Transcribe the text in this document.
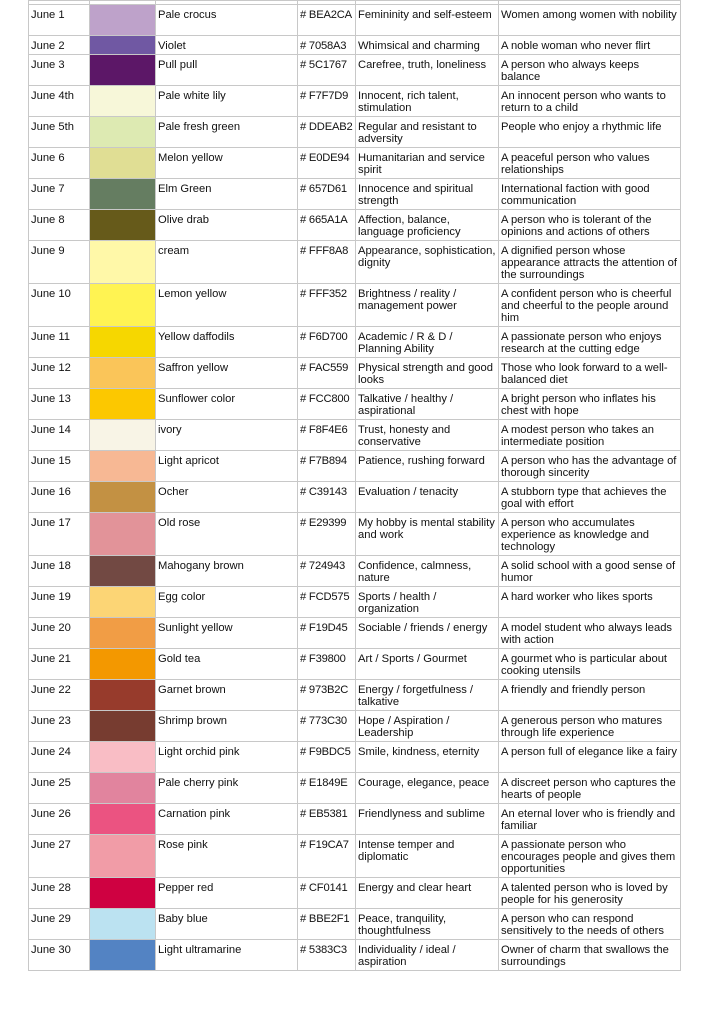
June 1		Pale crocus	# BEA2CA	Femininity and self-esteem	Women among women with nobility
June 2		Violet	# 7058A3	Whimsical and charming	A noble woman who never flirt
June 3		Pull pull	# 5C1767	Carefree, truth, loneliness	A person who always keeps balance
June 4th		Pale white lily	# F7F7D9	Innocent, rich talent, stimulation	An innocent person who wants to return to a child
June 5th		Pale fresh green	# DDEAB2	Regular and resistant to adversity	People who enjoy a rhythmic life
June 6		Melon yellow	# E0DE94	Humanitarian and service spirit	A peaceful person who values relationships
June 7		Elm Green	# 657D61	Innocence and spiritual strength	International faction with good communication
June 8		Olive drab	# 665A1A	Affection, balance, language proficiency	A person who is tolerant of the opinions and actions of others
June 9		cream	# FFF8A8	Appearance, sophistication, dignity	A dignified person whose appearance attracts the attention of the surroundings
June 10		Lemon yellow	# FFF352	Brightness / reality / management power	A confident person who is cheerful and cheerful to the people around him
June 11		Yellow daffodils	# F6D700	Academic / R & D / Planning Ability	A passionate person who enjoys research at the cutting edge
June 12		Saffron yellow	# FAC559	Physical strength and good looks	Those who look forward to a well-balanced diet
June 13		Sunflower color	# FCC800	Talkative / healthy / aspirational	A bright person who inflates his chest with hope
June 14		ivory	# F8F4E6	Trust, honesty and conservative	A modest person who takes an intermediate position
June 15		Light apricot	# F7B894	Patience, rushing forward	A person who has the advantage of thorough sincerity
June 16		Ocher	# C39143	Evaluation / tenacity	A stubborn type that achieves the goal with effort
June 17		Old rose	# E29399	My hobby is mental stability and work	A person who accumulates experience as knowledge and technology
June 18		Mahogany brown	# 724943	Confidence, calmness, nature	A solid school with a good sense of humor
June 19		Egg color	# FCD575	Sports / health / organization	A hard worker who likes sports
June 20		Sunlight yellow	# F19D45	Sociable / friends / energy	A model student who always leads with action
June 21		Gold tea	# F39800	Art / Sports / Gourmet	A gourmet who is particular about cooking utensils
June 22		Garnet brown	# 973B2C	Energy / forgetfulness / talkative	A friendly and friendly person
June 23		Shrimp brown	# 773C30	Hope / Aspiration / Leadership	A generous person who matures through life experience
June 24		Light orchid pink	# F9BDC5	Smile, kindness, eternity	A person full of elegance like a fairy
June 25		Pale cherry pink	# E1849E	Courage, elegance, peace	A discreet person who captures the hearts of people
June 26		Carnation pink	# EB5381	Friendlyness and sublime	An eternal lover who is friendly and familiar
June 27		Rose pink	# F19CA7	Intense temper and diplomatic	A passionate person who encourages people and gives them opportunities
June 28		Pepper red	# CF0141	Energy and clear heart	A talented person who is loved by people for his generosity
June 29		Baby blue	# BBE2F1	Peace, tranquility, thoughtfulness	A person who can respond sensitively to the needs of others
June 30		Light ultramarine	# 5383C3	Individuality / ideal / aspiration	Owner of charm that swallows the surroundings
